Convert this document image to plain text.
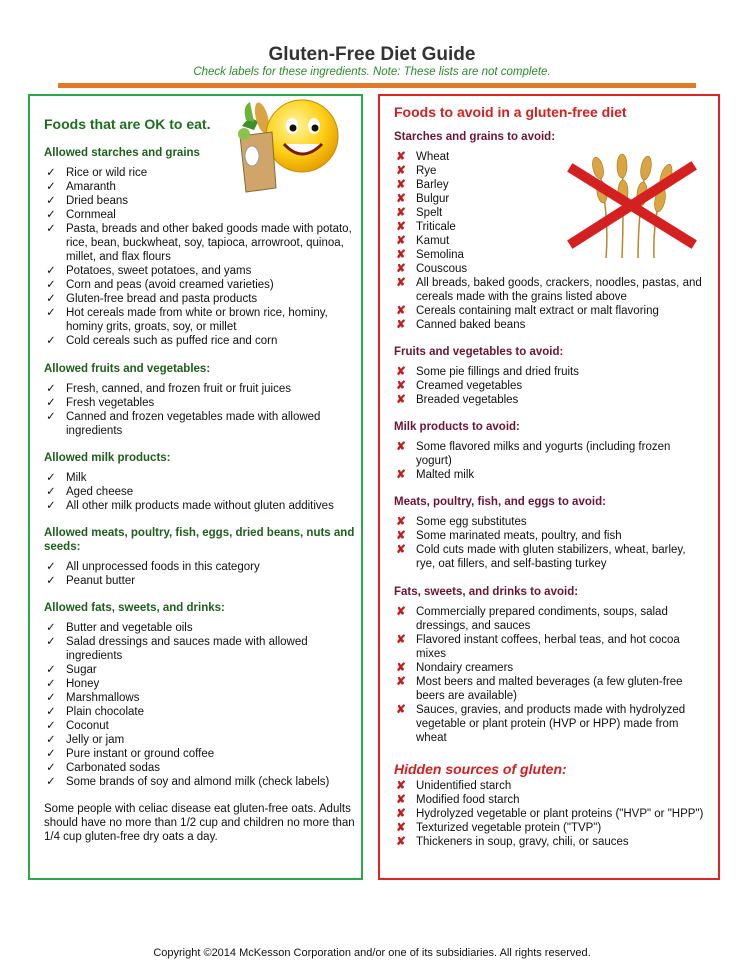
Gluten-Free Diet Guide
Check labels for these ingredients. Note: These lists are not complete.
Foods that are OK to eat.
Allowed starches and grains
✓ Rice or wild rice
✓ Amaranth
✓ Dried beans
✓ Cornmeal
✓ Pasta, breads and other baked goods made with potato, rice, bean, buckwheat, soy, tapioca, arrowroot, quinoa, millet, and flax flours
✓ Potatoes, sweet potatoes, and yams
✓ Corn and peas (avoid creamed varieties)
✓ Gluten-free bread and pasta products
✓ Hot cereals made from white or brown rice, hominy, hominy grits, groats, soy, or millet
✓ Cold cereals such as puffed rice and corn
Allowed fruits and vegetables:
✓ Fresh, canned, and frozen fruit or fruit juices
✓ Fresh vegetables
✓ Canned and frozen vegetables made with allowed ingredients
Allowed milk products:
✓ Milk
✓ Aged cheese
✓ All other milk products made without gluten additives
Allowed meats, poultry, fish, eggs, dried beans, nuts and seeds:
✓ All unprocessed foods in this category
✓ Peanut butter
Allowed fats, sweets, and drinks:
✓ Butter and vegetable oils
✓ Salad dressings and sauces made with allowed ingredients
✓ Sugar
✓ Honey
✓ Marshmallows
✓ Plain chocolate
✓ Coconut
✓ Jelly or jam
✓ Pure instant or ground coffee
✓ Carbonated sodas
✓ Some brands of soy and almond milk (check labels)
Some people with celiac disease eat gluten-free oats. Adults should have no more than 1/2 cup and children no more than 1/4 cup gluten-free dry oats a day.
Foods to avoid in a gluten-free diet
Starches and grains to avoid:
✘ Wheat
✘ Rye
✘ Barley
✘ Bulgur
✘ Spelt
✘ Triticale
✘ Kamut
✘ Semolina
✘ Couscous
✘ All breads, baked goods, crackers, noodles, pastas, and cereals made with the grains listed above
✘ Cereals containing malt extract or malt flavoring
✘ Canned baked beans
Fruits and vegetables to avoid:
✘ Some pie fillings and dried fruits
✘ Creamed vegetables
✘ Breaded vegetables
Milk products to avoid:
✘ Some flavored milks and yogurts (including frozen yogurt)
✘ Malted milk
Meats, poultry, fish, and eggs to avoid:
✘ Some egg substitutes
✘ Some marinated meats, poultry, and fish
✘ Cold cuts made with gluten stabilizers, wheat, barley, rye, oat fillers, and self-basting turkey
Fats, sweets, and drinks to avoid:
✘ Commercially prepared condiments, soups, salad dressings, and sauces
✘ Flavored instant coffees, herbal teas, and hot cocoa mixes
✘ Nondairy creamers
✘ Most beers and malted beverages (a few gluten-free beers are available)
✘ Sauces, gravies, and products made with hydrolyzed vegetable or plant protein (HVP or HPP) made from wheat
Hidden sources of gluten:
✘ Unidentified starch
✘ Modified food starch
✘ Hydrolyzed vegetable or plant proteins ("HVP" or "HPP")
✘ Texturized vegetable protein ("TVP")
✘ Thickeners in soup, gravy, chili, or sauces
Copyright ©2014 McKesson Corporation and/or one of its subsidiaries. All rights reserved.
